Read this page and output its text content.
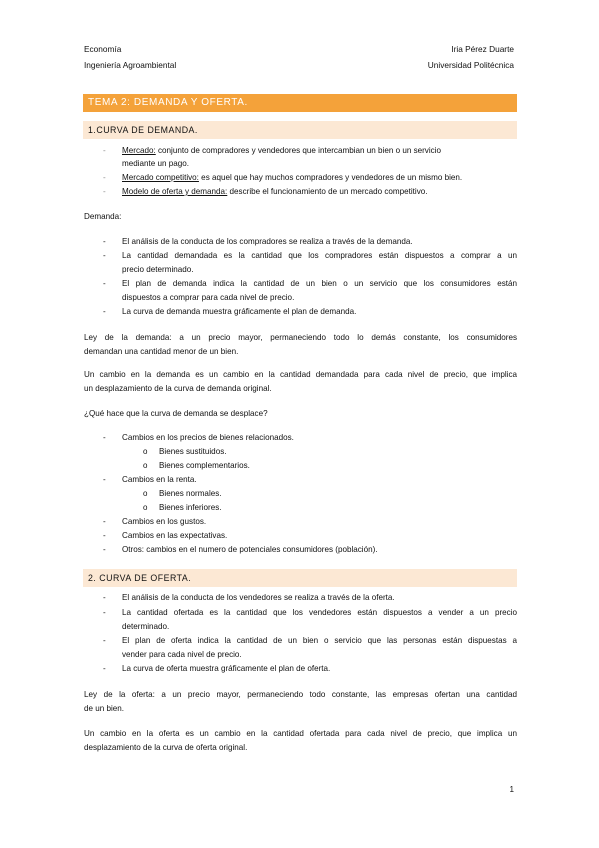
Economía
Ingeniería Agroambiental
Iria Pérez Duarte
Universidad Politécnica
TEMA 2: DEMANDA Y OFERTA.
1.CURVA DE DEMANDA.
- Mercado: conjunto de compradores y vendedores que intercambian un bien o un servicio
mediante un pago.
- Mercado competitivo: es aquel que hay muchos compradores y vendedores de un mismo bien.
- Modelo de oferta y demanda: describe el funcionamiento de un mercado competitivo.
Demanda:
- El análisis de la conducta de los compradores se realiza a través de la demanda.
- La cantidad demandada es la cantidad que los compradores están dispuestos a comprar a un
precio determinado.
- El plan de demanda indica la cantidad de un bien o un servicio que los consumidores están
dispuestos a comprar para cada nivel de precio.
- La curva de demanda muestra gráficamente el plan de demanda.
Ley de la demanda: a un precio mayor, permaneciendo todo lo demás constante, los consumidores
demandan una cantidad menor de un bien.
Un cambio en la demanda es un cambio en la cantidad demandada para cada nivel de precio, que implica
un desplazamiento de la curva de demanda original.
¿Qué hace que la curva de demanda se desplace?
- Cambios en los precios de bienes relacionados.
o Bienes sustituidos.
o Bienes complementarios.
- Cambios en la renta.
o Bienes normales.
o Bienes inferiores.
- Cambios en los gustos.
- Cambios en las expectativas.
- Otros: cambios en el numero de potenciales consumidores (población).
2. CURVA DE OFERTA.
- El análisis de la conducta de los vendedores se realiza a través de la oferta.
- La cantidad ofertada es la cantidad que los vendedores están dispuestos a vender a un precio
determinado.
- El plan de oferta indica la cantidad de un bien o servicio que las personas están dispuestas a
vender para cada nivel de precio.
- La curva de oferta muestra gráficamente el plan de oferta.
Ley de la oferta: a un precio mayor, permaneciendo todo constante, las empresas ofertan una cantidad
de un bien.
Un cambio en la oferta es un cambio en la cantidad ofertada para cada nivel de precio, que implica un
desplazamiento de la curva de oferta original.
1
